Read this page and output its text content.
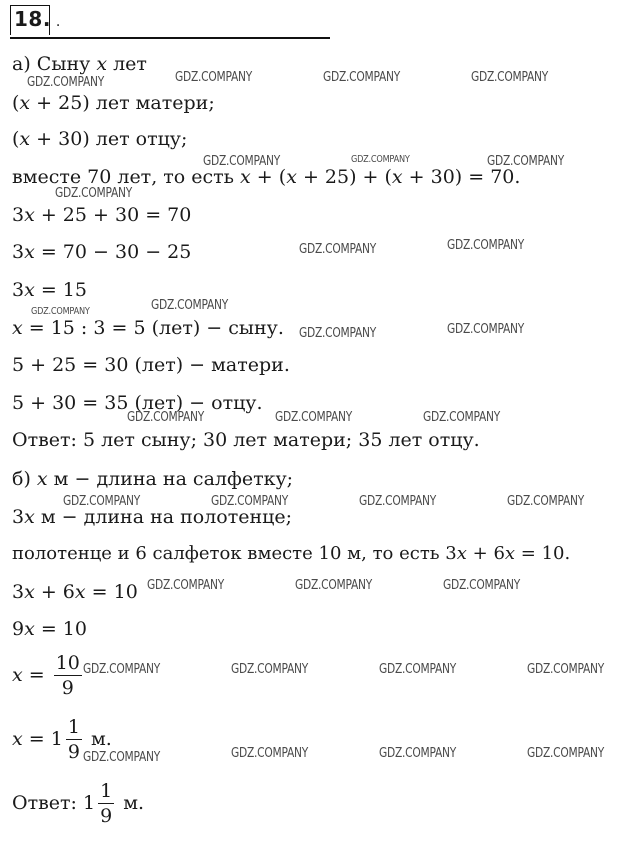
18. .
а) Сыну x лет
(x + 25) лет матери;
(x + 30) лет отцу;
вместе 70 лет, то есть x + (x + 25) + (x + 30) = 70.
3x + 25 + 30 = 70
3x = 70 − 30 − 25
3x = 15
x = 15 : 3 = 5 (лет) − сыну.
5 + 25 = 30 (лет) − матери.
5 + 30 = 35 (лет) − отцу.
Ответ: 5 лет сыну; 30 лет матери; 35 лет отцу.
б) x м − длина на салфетку;
3x м − длина на полотенце;
полотенце и 6 салфеток вместе 10 м, то есть 3x + 6x = 10.
3x + 6x = 10
9x = 10
$x = \frac{10}{9}$
$x = 1 \frac{1}{9} м$.
Ответ: $1 \frac{1}{9} м$.
GDZ.COMPANY	GDZ.COMPANY	GDZ.COMPANY	GDZ.COMPANY
GDZ.COMPANY	GDZ.COMPANY	GDZ.COMPANY
GDZ.COMPANY
GDZ.COMPANY	GDZ.COMPANY
GDZ.COMPANY
GDZ.COMPANY
GDZ.COMPANY	GDZ.COMPANY
GDZ.COMPANY	GDZ.COMPANY	GDZ.COMPANY
GDZ.COMPANY	GDZ.COMPANY	GDZ.COMPANY	GDZ.COMPANY
GDZ.COMPANY	GDZ.COMPANY	GDZ.COMPANY
GDZ.COMPANY	GDZ.COMPANY	GDZ.COMPANY	GDZ.COMPANY
GDZ.COMPANY	GDZ.COMPANY	GDZ.COMPANY	GDZ.COMPANY
